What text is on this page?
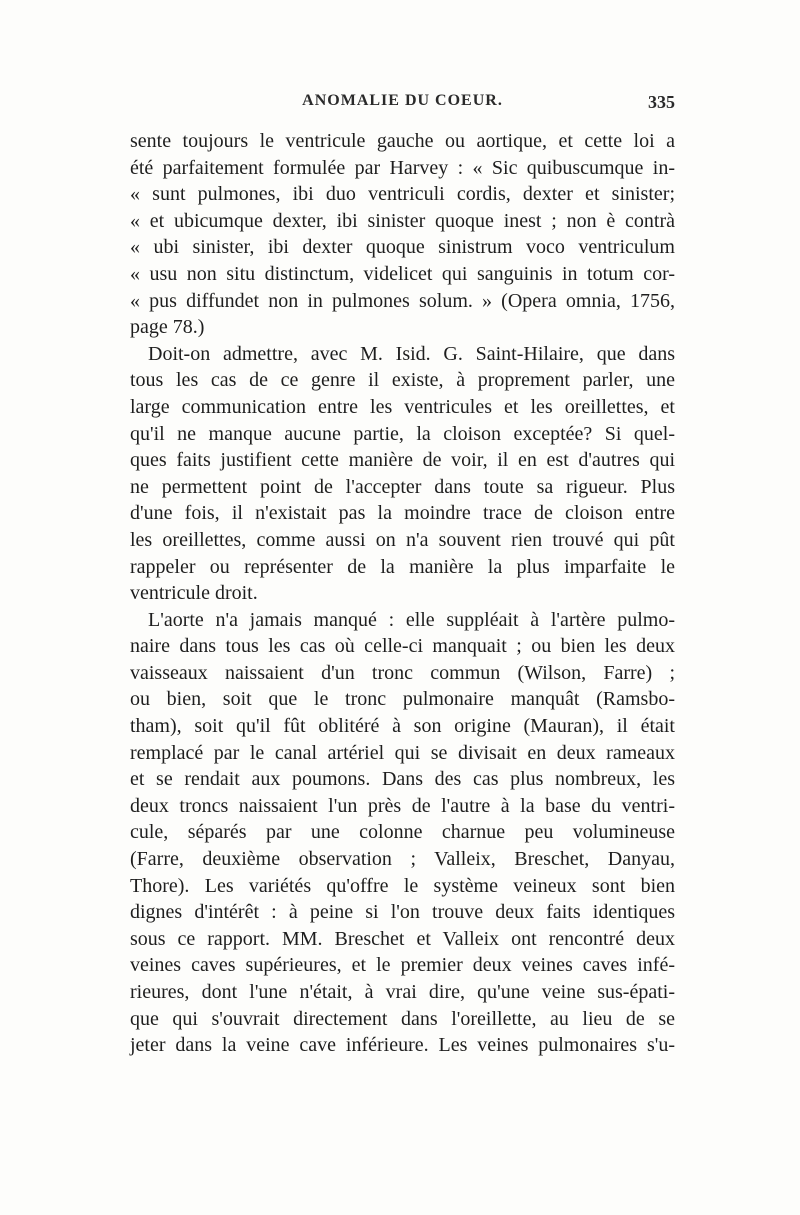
ANOMALIE DU COEUR.	335
sente toujours le ventricule gauche ou aortique, et cette loi a
été parfaitement formulée par Harvey : « Sic quibuscumque in-
« sunt pulmones, ibi duo ventriculi cordis, dexter et sinister;
« et ubicumque dexter, ibi sinister quoque inest ; non è contrà
« ubi sinister, ibi dexter quoque sinistrum voco ventriculum
« usu non situ distinctum, videlicet qui sanguinis in totum cor-
« pus diffundet non in pulmones solum. » (Opera omnia, 1756,
page 78.)
Doit-on admettre, avec M. Isid. G. Saint-Hilaire, que dans
tous les cas de ce genre il existe, à proprement parler, une
large communication entre les ventricules et les oreillettes, et
qu'il ne manque aucune partie, la cloison exceptée? Si quel-
ques faits justifient cette manière de voir, il en est d'autres qui
ne permettent point de l'accepter dans toute sa rigueur. Plus
d'une fois, il n'existait pas la moindre trace de cloison entre
les oreillettes, comme aussi on n'a souvent rien trouvé qui pût
rappeler ou représenter de la manière la plus imparfaite le
ventricule droit.
L'aorte n'a jamais manqué : elle suppléait à l'artère pulmo-
naire dans tous les cas où celle-ci manquait ; ou bien les deux
vaisseaux naissaient d'un tronc commun (Wilson, Farre) ;
ou bien, soit que le tronc pulmonaire manquât (Ramsbo-
tham), soit qu'il fût oblitéré à son origine (Mauran), il était
remplacé par le canal artériel qui se divisait en deux rameaux
et se rendait aux poumons. Dans des cas plus nombreux, les
deux troncs naissaient l'un près de l'autre à la base du ventri-
cule, séparés par une colonne charnue peu volumineuse
(Farre, deuxième observation ; Valleix, Breschet, Danyau,
Thore). Les variétés qu'offre le système veineux sont bien
dignes d'intérêt : à peine si l'on trouve deux faits identiques
sous ce rapport. MM. Breschet et Valleix ont rencontré deux
veines caves supérieures, et le premier deux veines caves infé-
rieures, dont l'une n'était, à vrai dire, qu'une veine sus-épati-
que qui s'ouvrait directement dans l'oreillette, au lieu de se
jeter dans la veine cave inférieure. Les veines pulmonaires s'u-
